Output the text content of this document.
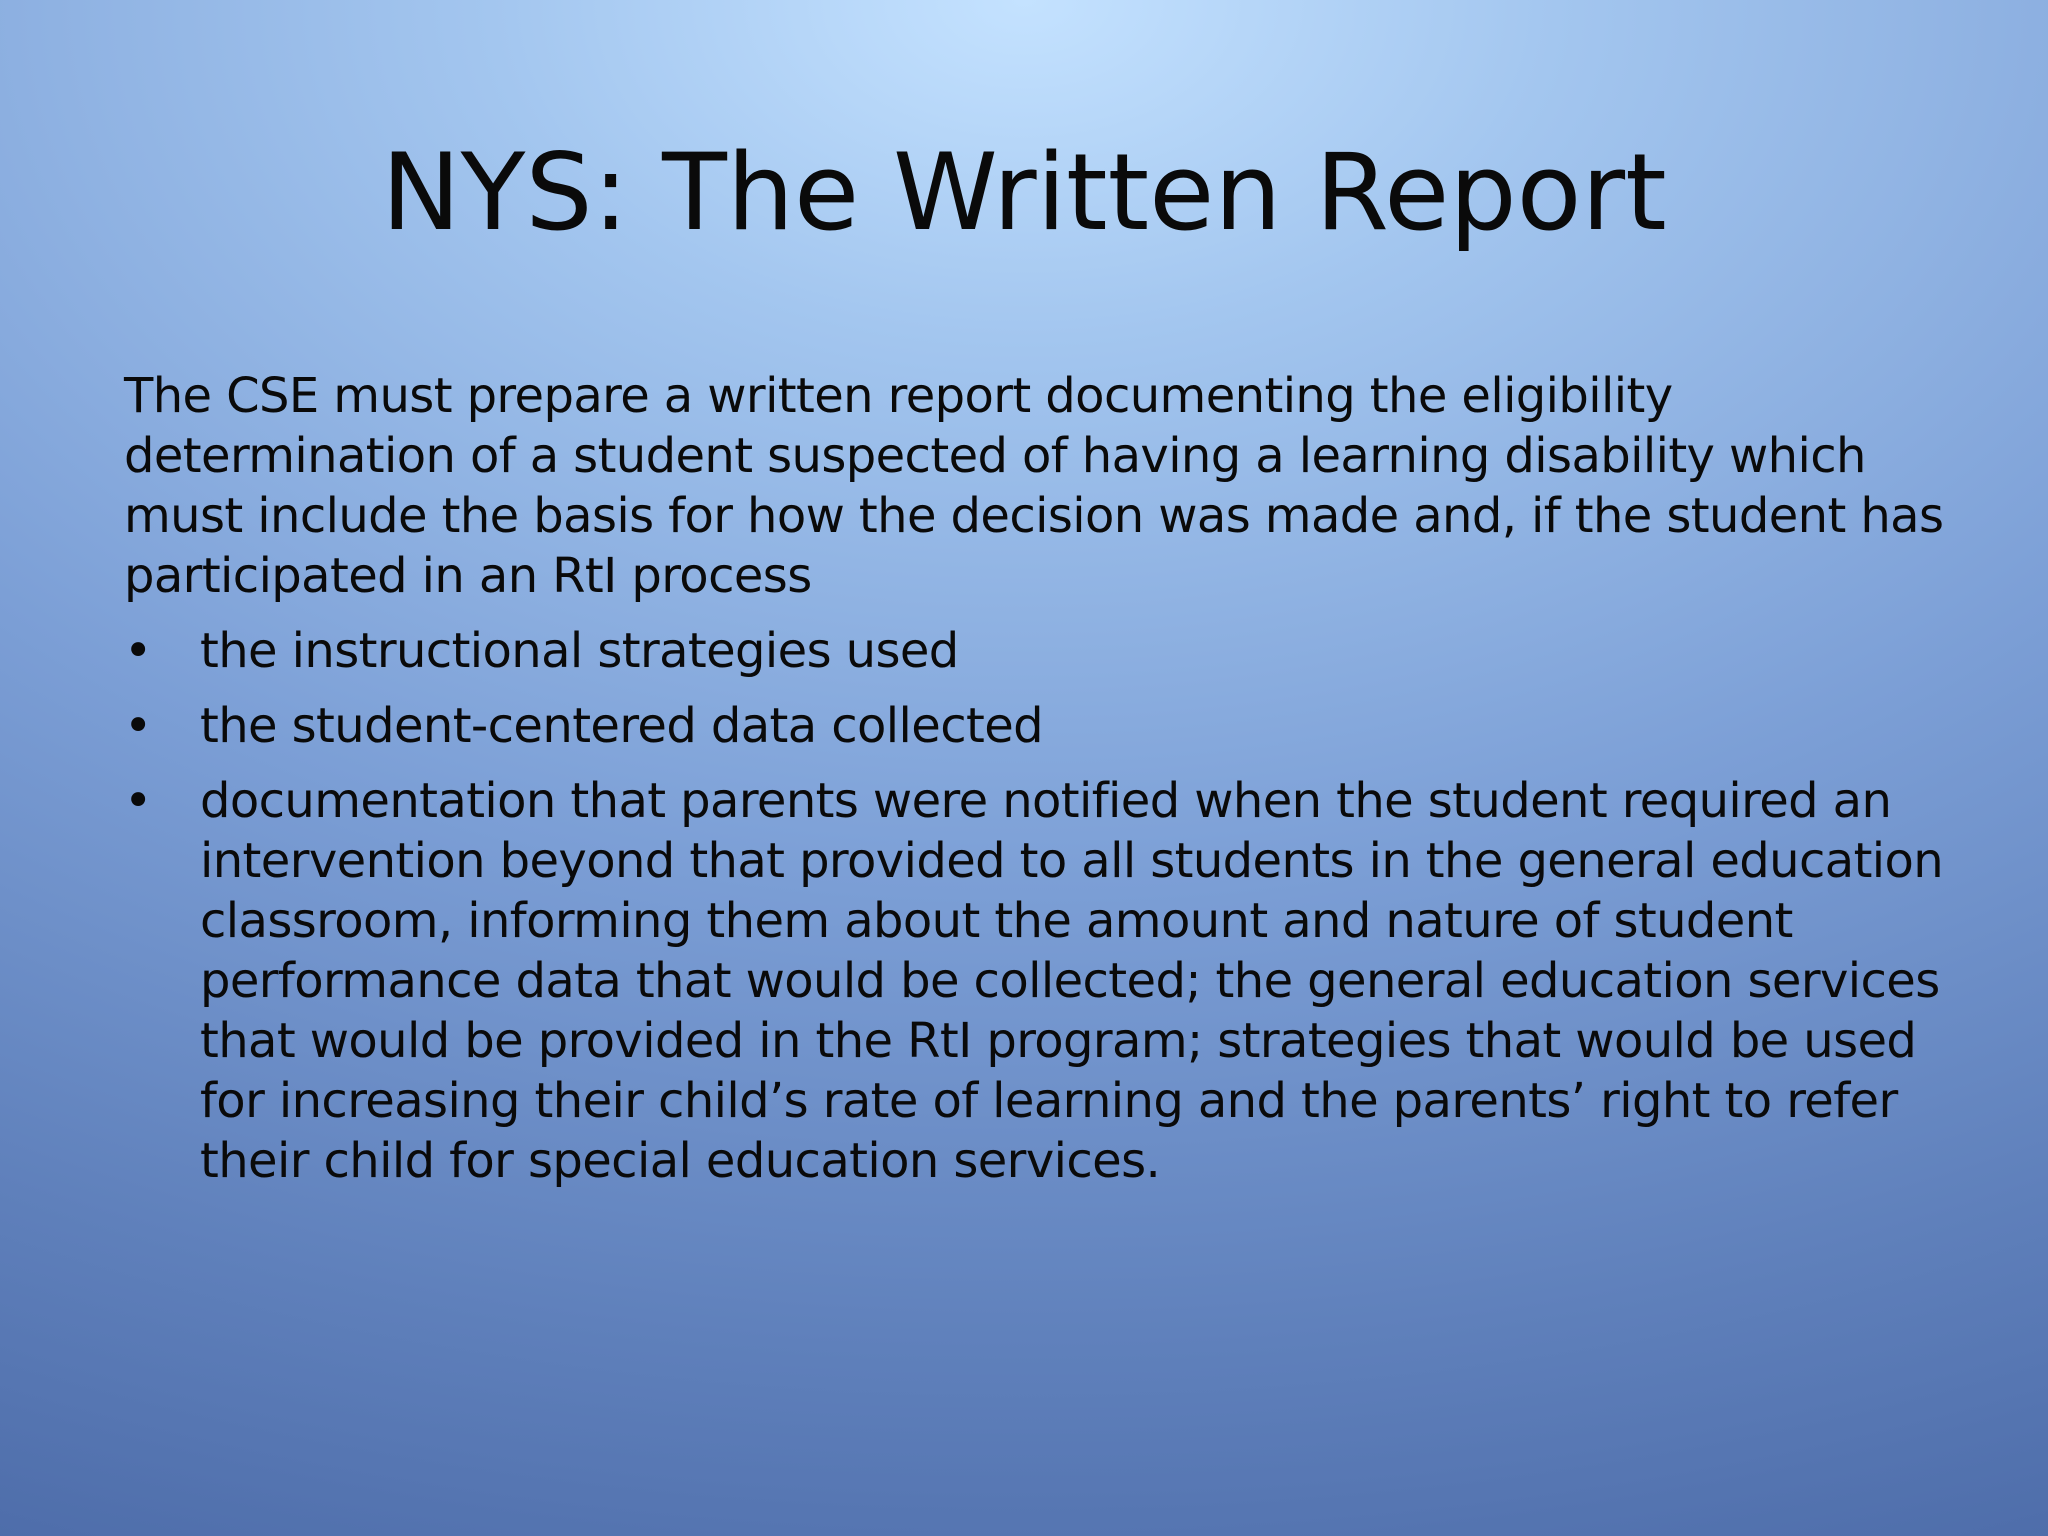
NYS: The Written Report

The CSE must prepare a written report documenting the eligibility determination of a student suspected of having a learning disability which must include the basis for how the decision was made and, if the student has participated in an RtI process

• the instructional strategies used
• the student-centered data collected
• documentation that parents were notified when the student required an intervention beyond that provided to all students in the general education classroom, informing them about the amount and nature of student performance data that would be collected; the general education services that would be provided in the RtI program; strategies that would be used for increasing their child’s rate of learning and the parents’ right to refer their child for special education services.
